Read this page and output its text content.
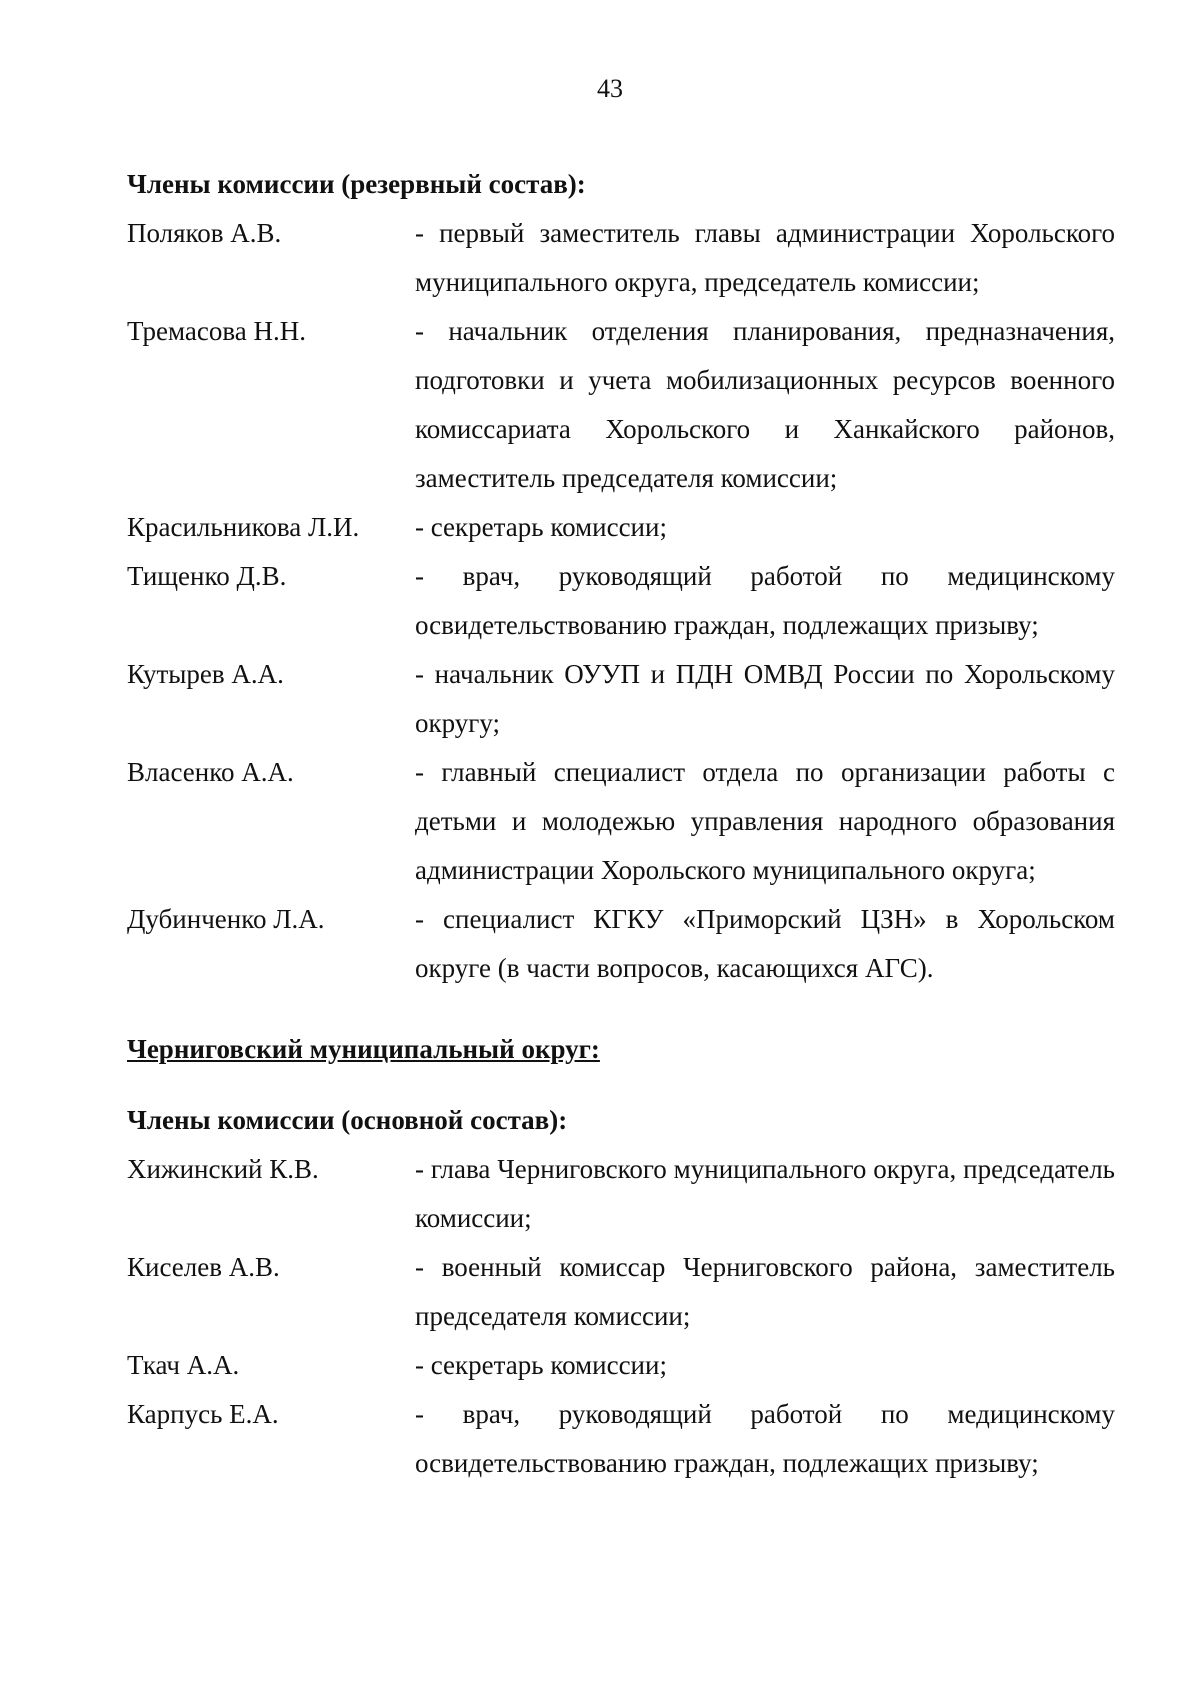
43
Члены комиссии (резервный состав):
Поляков А.В.	- первый заместитель главы администрации Хорольского муниципального округа, председатель комиссии;
Тремасова Н.Н.	- начальник отделения планирования, предназначения, подготовки и учета мобилизационных ресурсов военного комиссариата Хорольского и Ханкайского районов, заместитель председателя комиссии;
Красильникова Л.И.	- секретарь комиссии;
Тищенко Д.В.	- врач, руководящий работой по медицинскому освидетельствованию граждан, подлежащих призыву;
Кутырев А.А.	- начальник ОУУП и ПДН ОМВД России по Хорольскому округу;
Власенко А.А.	- главный специалист отдела по организации работы с детьми и молодежью управления народного образования администрации Хорольского муниципального округа;
Дубинченко Л.А.	- специалист КГКУ «Приморский ЦЗН» в Хорольском округе (в части вопросов, касающихся АГС).
Черниговский муниципальный округ:
Члены комиссии (основной состав):
Хижинский К.В.	- глава Черниговского муниципального округа, председатель комиссии;
Киселев А.В.	- военный комиссар Черниговского района, заместитель председателя комиссии;
Ткач А.А.	- секретарь комиссии;
Карпусь Е.А.	- врач, руководящий работой по медицинскому освидетельствованию граждан, подлежащих призыву;
